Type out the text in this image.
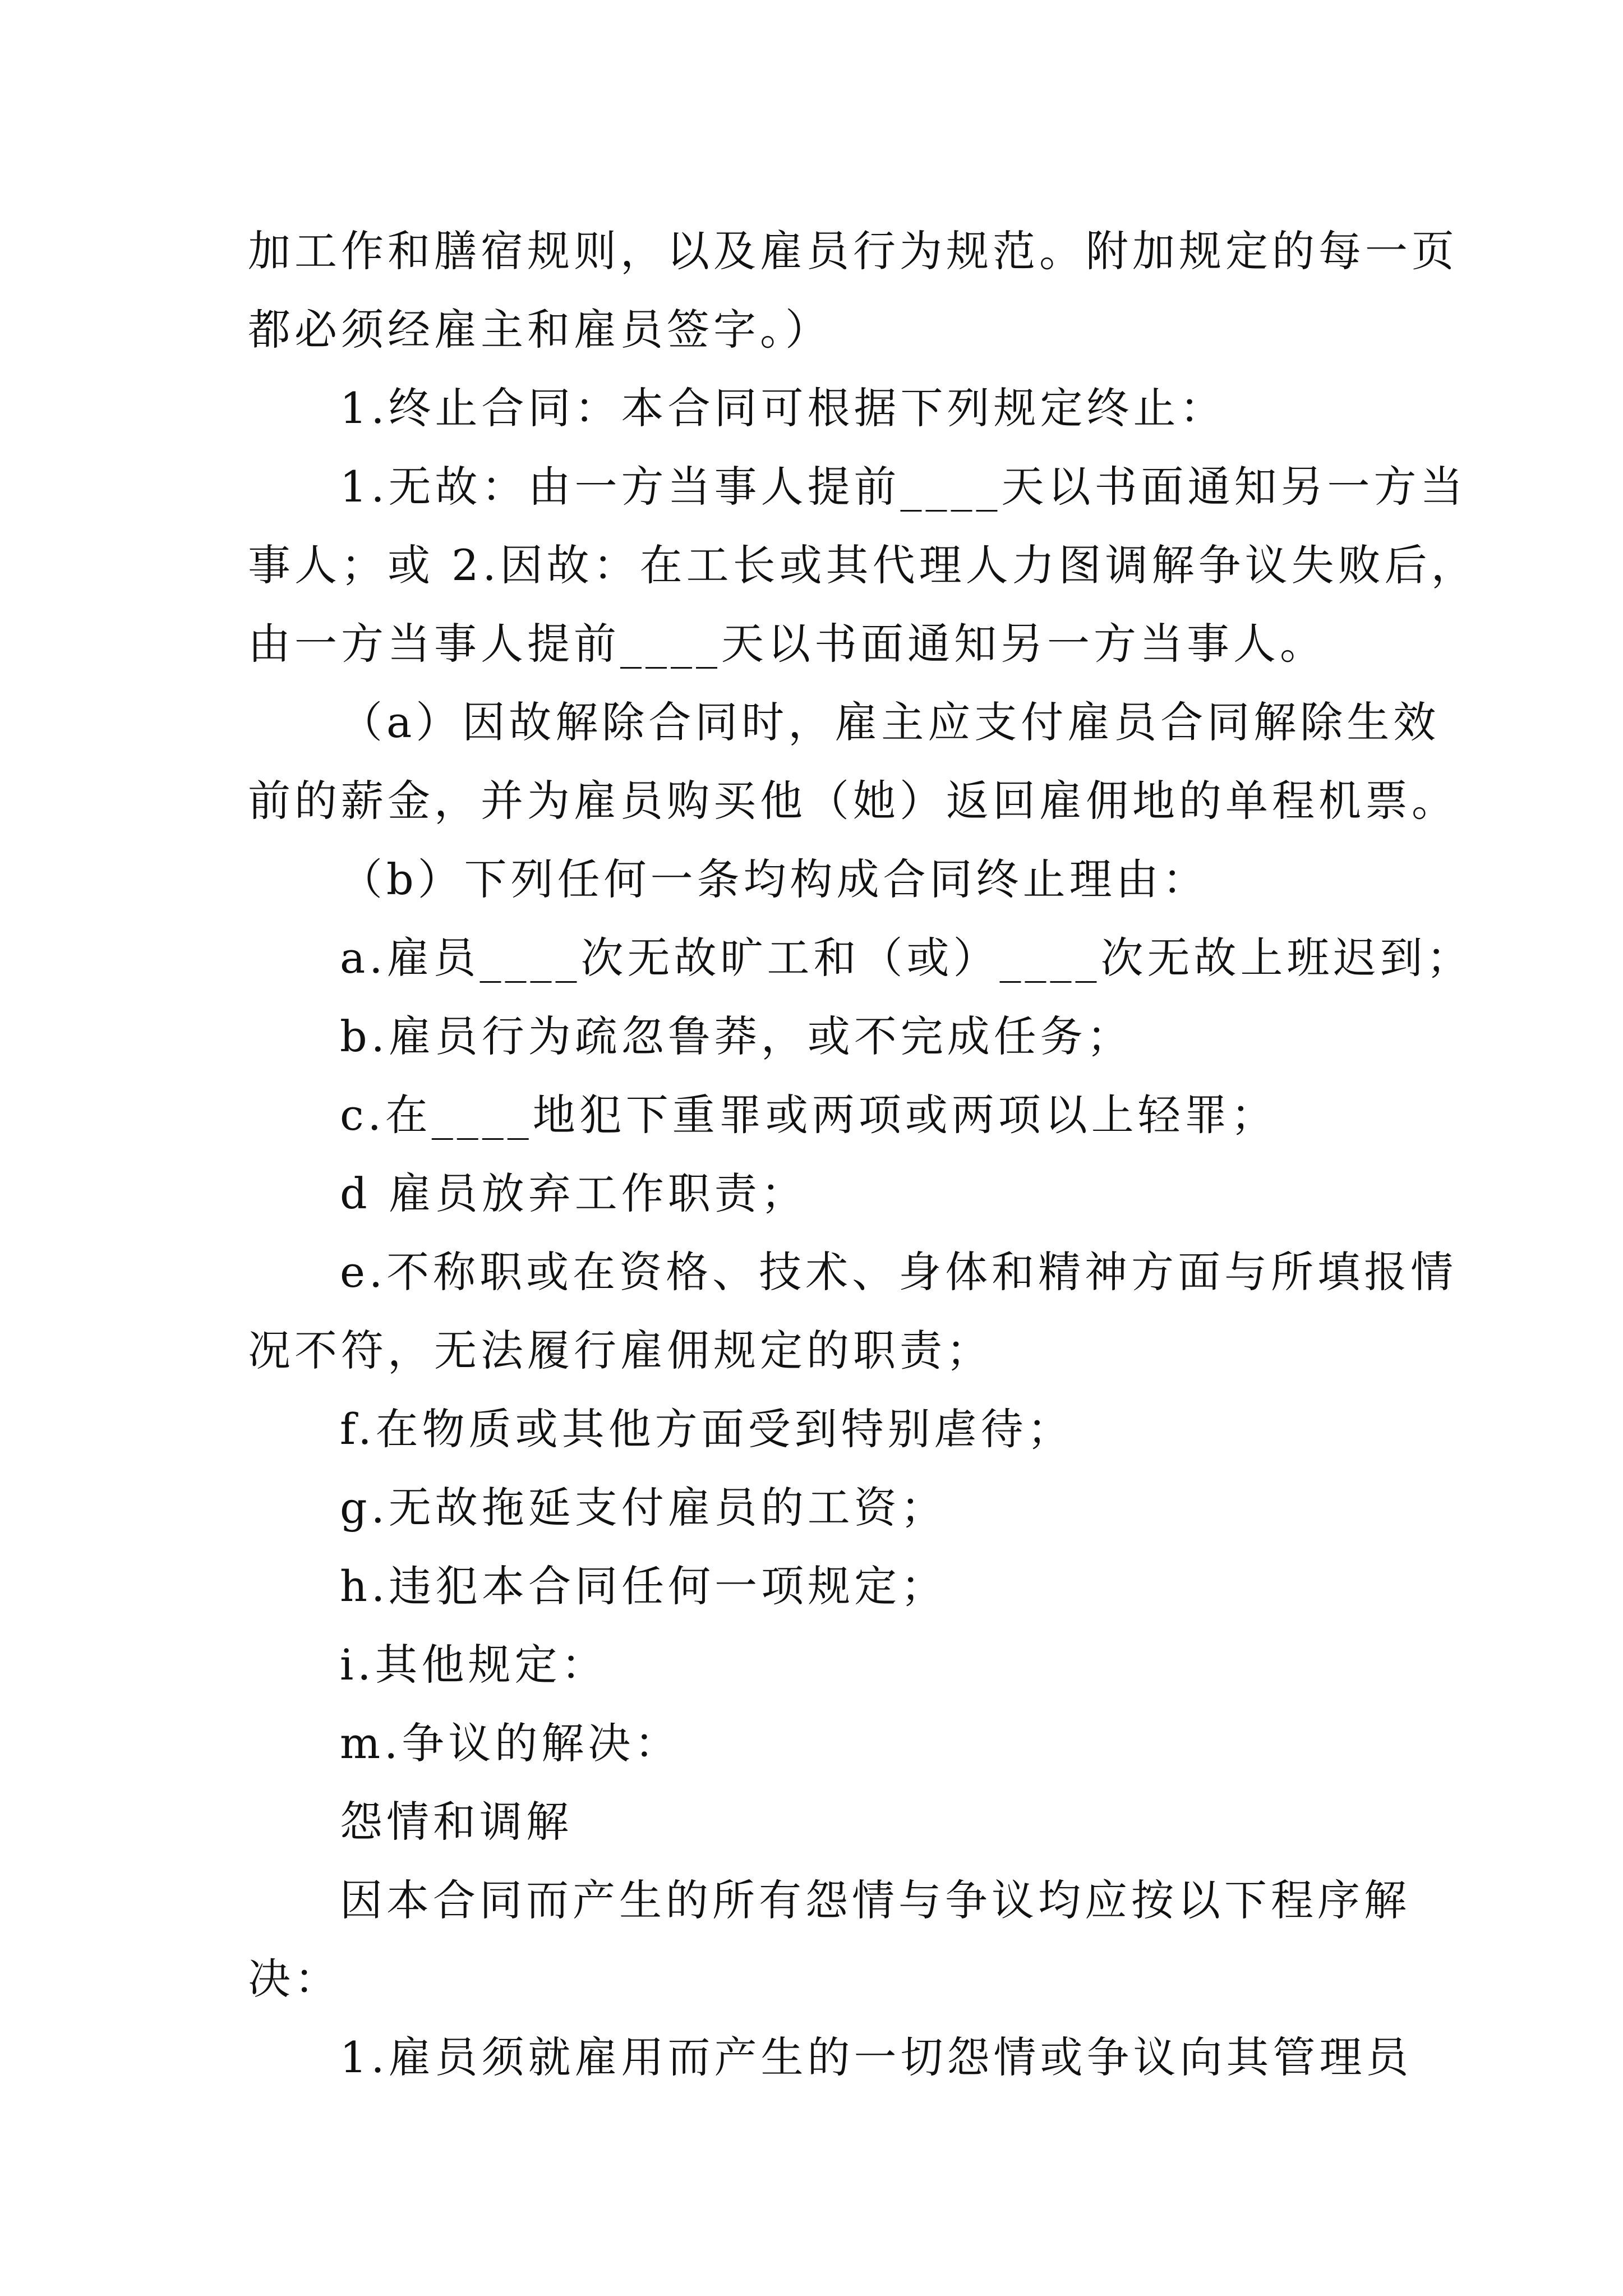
加工作和膳宿规则，以及雇员行为规范。附加规定的每一页
都必须经雇主和雇员签字。）
1.终止合同：本合同可根据下列规定终止：
1.无故：由一方当事人提前____天以书面通知另一方当
事人；或 2.因故：在工长或其代理人力图调解争议失败后，
由一方当事人提前____天以书面通知另一方当事人。
（a）因故解除合同时，雇主应支付雇员合同解除生效
前的薪金，并为雇员购买他（她）返回雇佣地的单程机票。
（b）下列任何一条均构成合同终止理由：
a.雇员____次无故旷工和（或）____次无故上班迟到；
b.雇员行为疏忽鲁莽，或不完成任务；
c.在____地犯下重罪或两项或两项以上轻罪；
d 雇员放弃工作职责；
e.不称职或在资格、技术、身体和精神方面与所填报情
况不符，无法履行雇佣规定的职责；
f.在物质或其他方面受到特别虐待；
g.无故拖延支付雇员的工资；
h.违犯本合同任何一项规定；
i.其他规定：
m.争议的解决：
怨情和调解
因本合同而产生的所有怨情与争议均应按以下程序解
决：
1.雇员须就雇用而产生的一切怨情或争议向其管理员
